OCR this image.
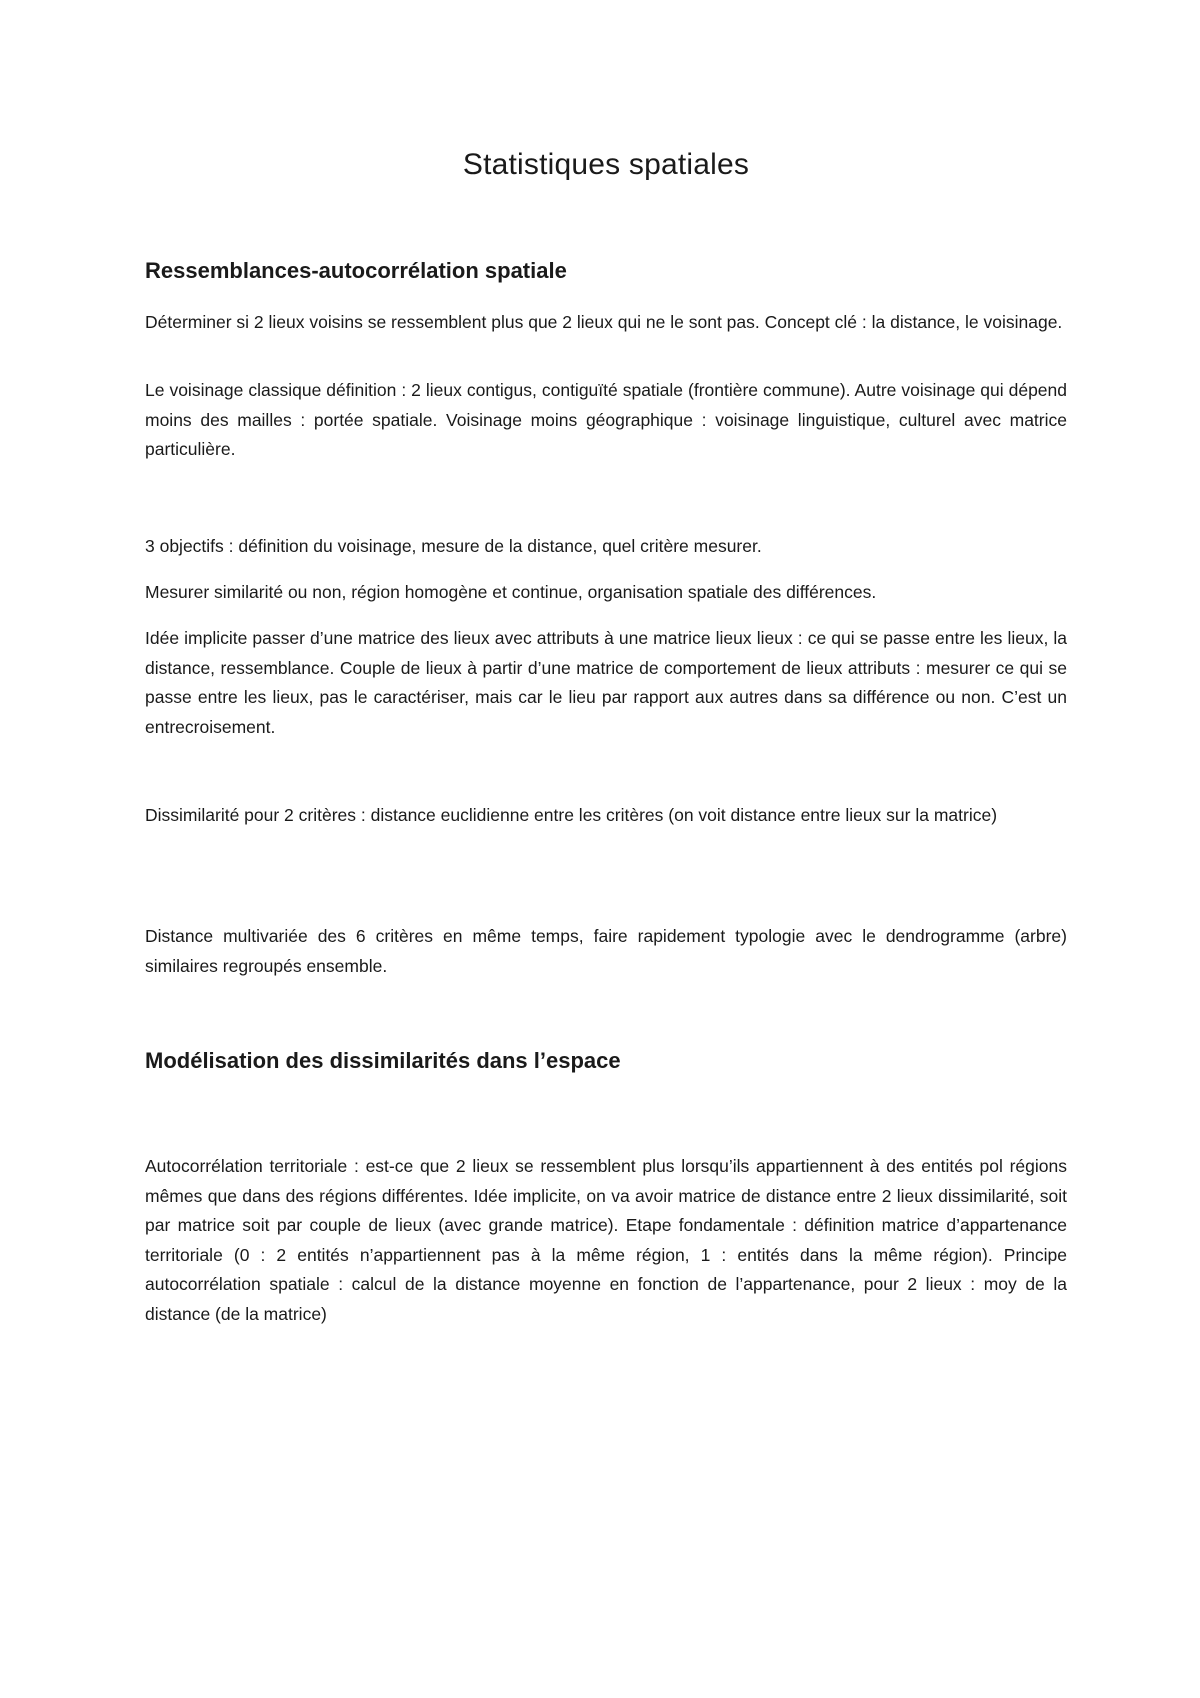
Statistiques spatiales
Ressemblances-autocorrélation spatiale

Déterminer si 2 lieux voisins se ressemblent plus que 2 lieux qui ne le sont pas. Concept clé : la distance, le voisinage.

Le voisinage classique définition : 2 lieux contigus, contiguïté spatiale (frontière commune). Autre voisinage qui dépend moins des mailles : portée spatiale. Voisinage moins géographique : voisinage linguistique, culturel avec matrice particulière.

3 objectifs : définition du voisinage, mesure de la distance, quel critère mesurer.

Mesurer similarité ou non, région homogène et continue, organisation spatiale des différences.

Idée implicite passer d’une matrice des lieux avec attributs à une matrice lieux lieux : ce qui se passe entre les lieux, la distance, ressemblance. Couple de lieux à partir d’une matrice de comportement de lieux attributs : mesurer ce qui se passe entre les lieux, pas le caractériser, mais car le lieu par rapport aux autres dans sa différence ou non. C’est un entrecroisement.

Dissimilarité pour 2 critères : distance euclidienne entre les critères (on voit distance entre lieux sur la matrice)

Distance multivariée des 6 critères en même temps, faire rapidement typologie avec le dendrogramme (arbre) similaires regroupés ensemble.

Modélisation des dissimilarités dans l’espace

Autocorrélation territoriale : est-ce que 2 lieux se ressemblent plus lorsqu’ils appartiennent à des entités pol régions mêmes que dans des régions différentes. Idée implicite, on va avoir matrice de distance entre 2 lieux dissimilarité, soit par matrice soit par couple de lieux (avec grande matrice). Etape fondamentale : définition matrice d’appartenance territoriale (0 : 2 entités n’appartiennent pas à la même région, 1 : entités dans la même région). Principe autocorrélation spatiale : calcul de la distance moyenne en fonction de l’appartenance, pour 2 lieux : moy de la distance (de la matrice)
